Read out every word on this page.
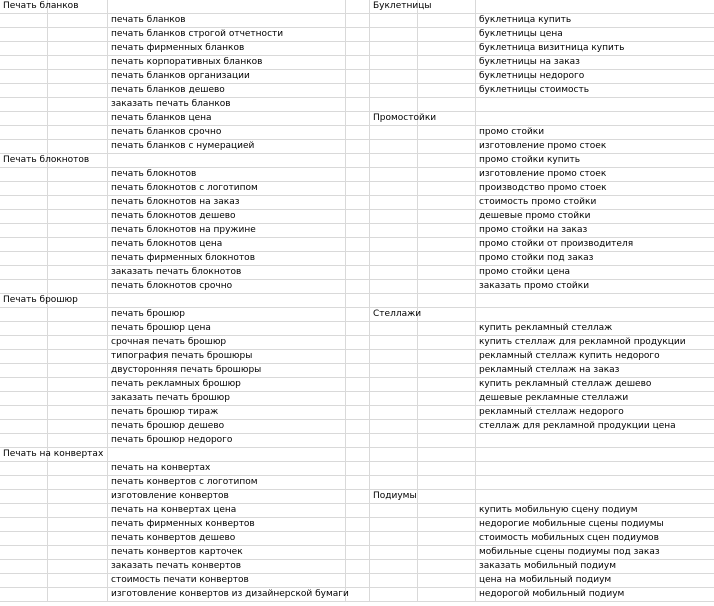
Печать бланков	Буклетницы
печать бланков	буклетница купить
печать бланков строгой отчетности	буклетницы цена
печать фирменных бланков	буклетница визитница купить
печать корпоративных бланков	буклетницы на заказ
печать бланков организации	буклетницы недорого
печать бланков дешево	буклетницы стоимость
заказать печать бланков
печать бланков цена	Промостойки
печать бланков срочно	промо стойки
печать бланков с нумерацией	изготовление промо стоек
Печать блокнотов	промо стойки купить
печать блокнотов	изготовление промо стоек
печать блокнотов с логотипом	производство промо стоек
печать блокнотов на заказ	стоимость промо стойки
печать блокнотов дешево	дешевые промо стойки
печать блокнотов на пружине	промо стойки на заказ
печать блокнотов цена	промо стойки от производителя
печать фирменных блокнотов	промо стойки под заказ
заказать печать блокнотов	промо стойки цена
печать блокнотов срочно	заказать промо стойки
Печать брошюр
печать брошюр	Стеллажи
печать брошюр цена	купить рекламный стеллаж
срочная печать брошюр	купить стеллаж для рекламной продукции
типография печать брошюры	рекламный стеллаж купить недорого
двусторонняя печать брошюры	рекламный стеллаж на заказ
печать рекламных брошюр	купить рекламный стеллаж дешево
заказать печать брошюр	дешевые рекламные стеллажи
печать брошюр тираж	рекламный стеллаж недорого
печать брошюр дешево	стеллаж для рекламной продукции цена
печать брошюр недорого
Печать на конвертах
печать на конвертах
печать конвертов с логотипом
изготовление конвертов	Подиумы
печать на конвертах цена	купить мобильную сцену подиум
печать фирменных конвертов	недорогие мобильные сцены подиумы
печать конвертов дешево	стоимость мобильных сцен подиумов
печать конвертов карточек	мобильные сцены подиумы под заказ
заказать печать конвертов	заказать мобильный подиум
стоимость печати конвертов	цена на мобильный подиум
изготовление конвертов из дизайнерской бумаги	недорогой мобильный подиум
